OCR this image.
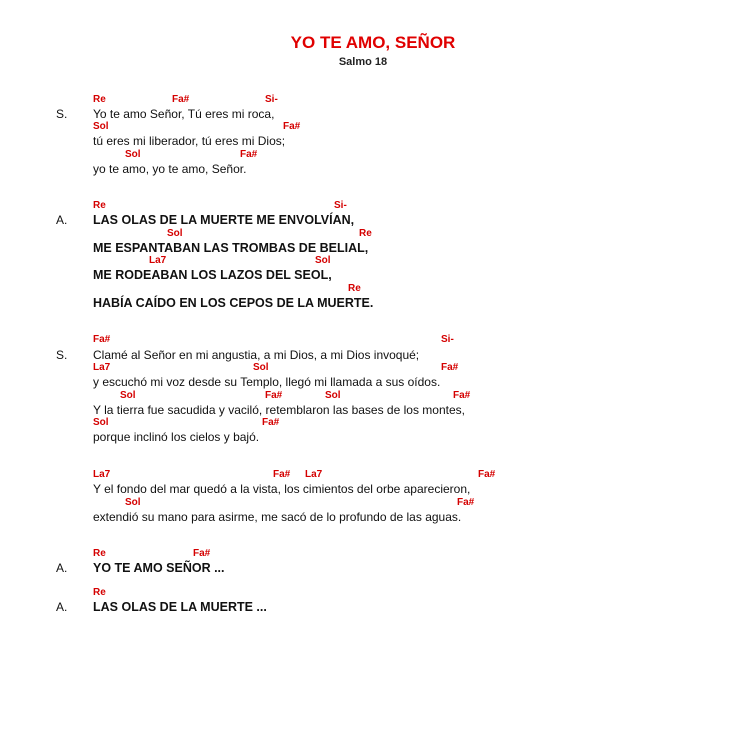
YO TE AMO, SEÑOR
Salmo 18
Re	Fa#	Si-
S. Yo te amo Señor, Tú eres mi roca,
Sol	Fa#
tú eres mi liberador, tú eres mi Dios;
Sol	Fa#
yo te amo, yo te amo, Señor.
Re	Si-
A. LAS OLAS DE LA MUERTE ME ENVOLVÍAN,
Sol	Re
ME ESPANTABAN LAS TROMBAS DE BELIAL,
La7	Sol
ME RODEABAN LOS LAZOS DEL SEOL,
Re
HABÍA CAÍDO EN LOS CEPOS DE LA MUERTE.
Fa#	Si-
S. Clamé al Señor en mi angustia, a mi Dios, a mi Dios invoqué;
La7	Sol	Fa#
y escuchó mi voz desde su Templo, llegó mi llamada a sus oídos.
Sol	Fa#	Sol	Fa#
Y la tierra fue sacudida y vaciló, retemblaron las bases de los montes,
Sol	Fa#
porque inclinó los cielos y bajó.
La7	Fa# La7	Fa#
Y el fondo del mar quedó a la vista, los cimientos del orbe aparecieron,
Sol	Fa#
extendió su mano para asirme, me sacó de lo profundo de las aguas.
Re	Fa#
A. YO TE AMO SEÑOR ...
Re
A. LAS OLAS DE LA MUERTE ...
